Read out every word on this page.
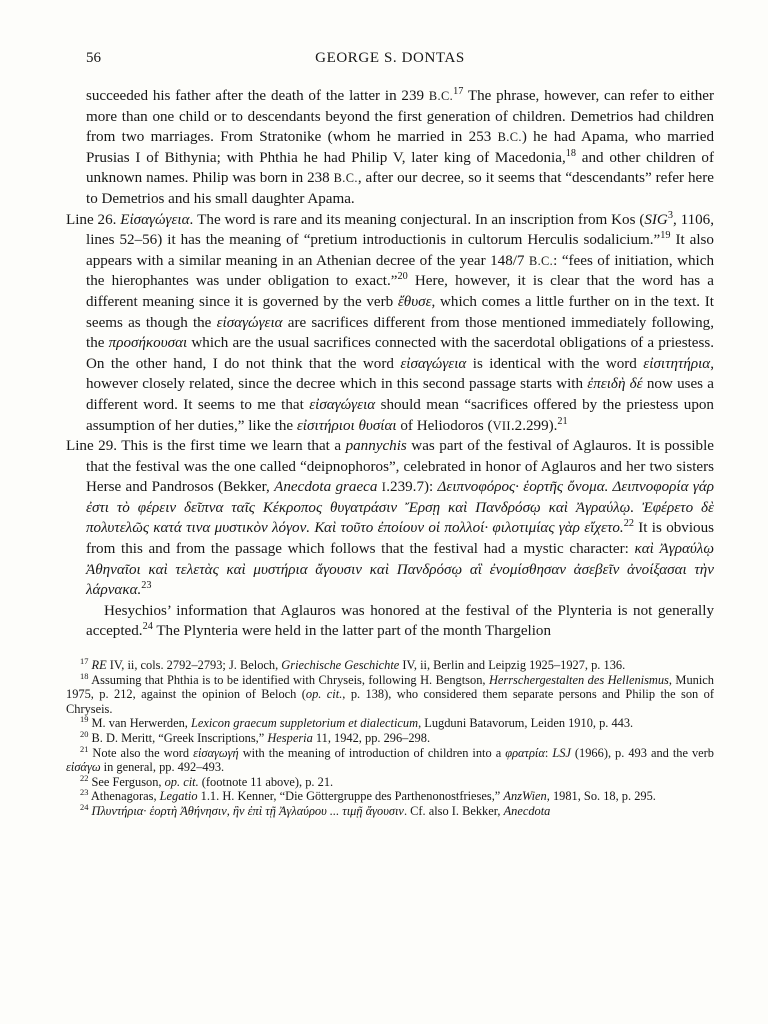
56	GEORGE S. DONTAS

succeeded his father after the death of the latter in 239 B.C.$^{17}$ The phrase, however, can refer to either more than one child or to descendants beyond the first generation of children. Demetrios had children from two marriages. From Stratonike (whom he married in 253 B.C.) he had Apama, who married Prusias I of Bithynia; with Phthia he had Philip V, later king of Macedonia,$^{18}$ and other children of unknown names. Philip was born in 238 B.C., after our decree, so it seems that “descendants” refer here to Demetrios and his small daughter Apama.

Line 26. Εἰσαγώγεια. The word is rare and its meaning conjectural. In an inscription from Kos (SIG$^3$, 1106, lines 52–56) it has the meaning of “pretium introductionis in cultorum Herculis sodalicium.”$^{19}$ It also appears with a similar meaning in an Athenian decree of the year 148/7 B.C.: “fees of initiation, which the hierophantes was under obligation to exact.”$^{20}$ Here, however, it is clear that the word has a different meaning since it is governed by the verb ἔθυσε, which comes a little further on in the text. It seems as though the εἰσαγώγεια are sacrifices different from those mentioned immediately following, the προσήκουσαι which are the usual sacrifices connected with the sacerdotal obligations of a priestess. On the other hand, I do not think that the word εἰσαγώγεια is identical with the word εἰσιτητήρια, however closely related, since the decree which in this second passage starts with ἐπειδὴ δέ now uses a different word. It seems to me that εἰσαγώγεια should mean “sacrifices offered by the priestess upon assumption of her duties,” like the εἰσιτήριοι θυσίαι of Heliodoros (VII.2.299).$^{21}$

Line 29. This is the first time we learn that a pannychis was part of the festival of Aglauros. It is possible that the festival was the one called “deipnophoros”, celebrated in honor of Aglauros and her two sisters Herse and Pandrosos (Bekker, Anecdota graeca I.239.7): Δειπνοφόρος· ἑορτῆς ὄνομα. Δειπνοφορία γάρ ἐστι τὸ φέρειν δεῖπνα ταῖς Κέκροπος θυγατράσιν Ἔρσῃ καὶ Πανδρόσῳ καὶ Ἀγραύλῳ. Ἐφέρετο δὲ πολυτελῶς κατά τινα μυστικὸν λόγον. Καὶ τοῦτο ἐποίουν οἱ πολλοί· φιλοτιμίας γὰρ εἴχετο.$^{22}$ It is obvious from this and from the passage which follows that the festival had a mystic character: καὶ Ἀγραύλῳ Ἀθηναῖοι καὶ τελετὰς καὶ μυστήρια ἄγουσιν καὶ Πανδρόσῳ αἳ ἐνομίσθησαν ἀσεβεῖν ἀνοίξασαι τὴν λάρνακα.$^{23}$

Hesychios’ information that Aglauros was honored at the festival of the Plynteria is not generally accepted.$^{24}$ The Plynteria were held in the latter part of the month Thargelion

$^{17}$ RE IV, ii, cols. 2792–2793; J. Beloch, Griechische Geschichte IV, ii, Berlin and Leipzig 1925–1927, p. 136.

$^{18}$ Assuming that Phthia is to be identified with Chryseis, following H. Bengtson, Herrschergestalten des Hellenismus, Munich 1975, p. 212, against the opinion of Beloch (op. cit., p. 138), who considered them separate persons and Philip the son of Chryseis.

$^{19}$ M. van Herwerden, Lexicon graecum suppletorium et dialecticum, Lugduni Batavorum, Leiden 1910, p. 443.

$^{20}$ B. D. Meritt, “Greek Inscriptions,” Hesperia 11, 1942, pp. 296–298.

$^{21}$ Note also the word εἰσαγωγή with the meaning of introduction of children into a φρατρία: LSJ (1966), p. 493 and the verb εἰσάγω in general, pp. 492–493.

$^{22}$ See Ferguson, op. cit. (footnote 11 above), p. 21.

$^{23}$ Athenagoras, Legatio 1.1. H. Kenner, “Die Göttergruppe des Parthenonostfrieses,” AnzWien, 1981, So. 18, p. 295.

$^{24}$ Πλυντήρια· ἑορτὴ Ἀθήνησιν, ἣν ἐπὶ τῇ Ἀγλαύρου ... τιμῇ ἄγουσιν. Cf. also I. Bekker, Anecdota
